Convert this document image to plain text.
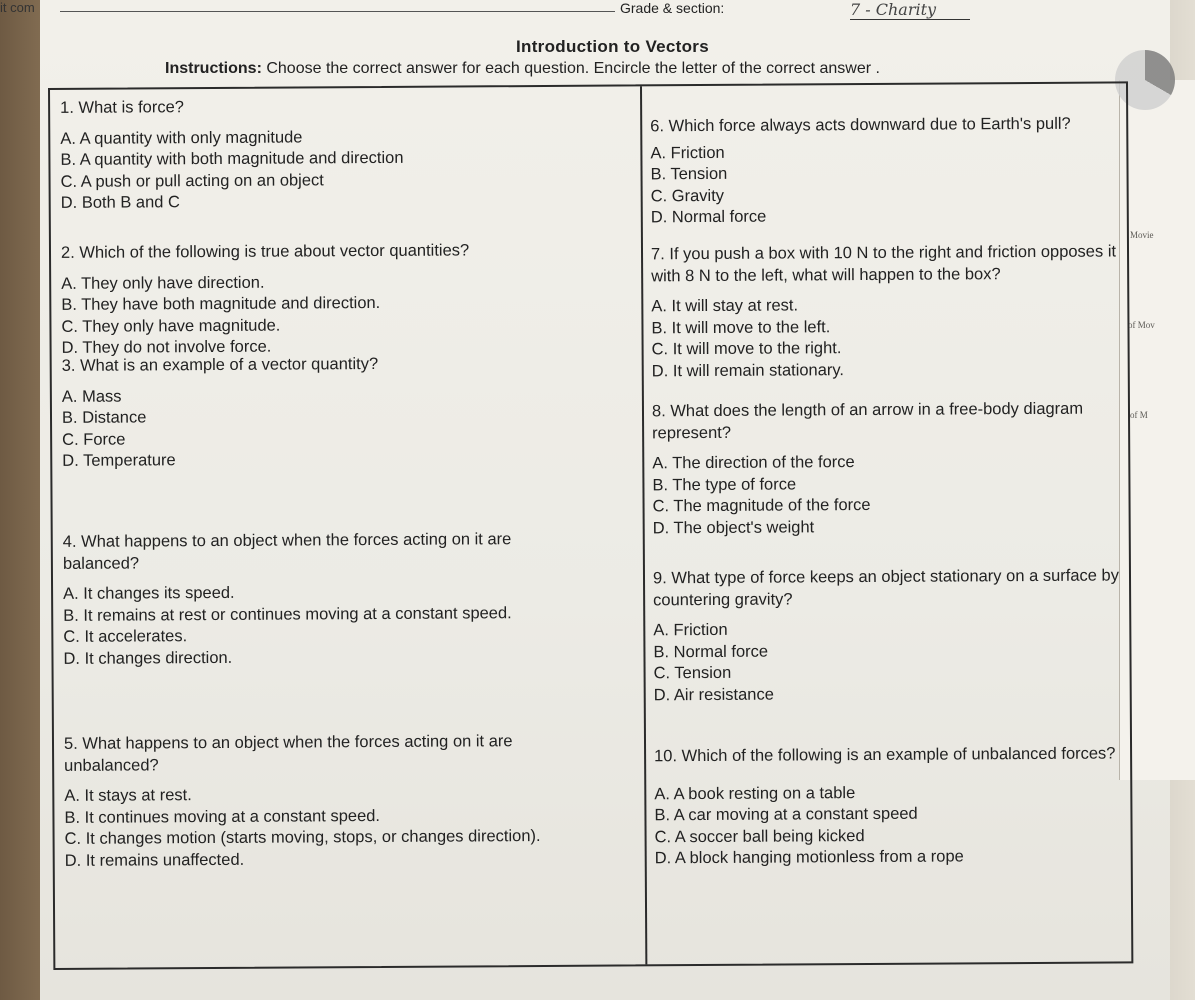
Movie
of Mov
of M
it com	Grade & section:	7 - Charity
Introduction to Vectors
Instructions: Choose the correct answer for each question. Encircle the letter of the correct answer .
1. What is force?
A. A quantity with only magnitude
B. A quantity with both magnitude and direction
C. A push or pull acting on an object
D. Both B and C
2. Which of the following is true about vector quantities?
A. They only have direction.
B. They have both magnitude and direction.
C. They only have magnitude.
D. They do not involve force.
3. What is an example of a vector quantity?
A. Mass
B. Distance
C. Force
D. Temperature
4. What happens to an object when the forces acting on it are balanced?
A. It changes its speed.
B. It remains at rest or continues moving at a constant speed.
C. It accelerates.
D. It changes direction.
5. What happens to an object when the forces acting on it are unbalanced?
A. It stays at rest.
B. It continues moving at a constant speed.
C. It changes motion (starts moving, stops, or changes direction).
D. It remains unaffected.
6. Which force always acts downward due to Earth's pull?
A. Friction
B. Tension
C. Gravity
D. Normal force
7. If you push a box with 10 N to the right and friction opposes it with 8 N to the left, what will happen to the box?
A. It will stay at rest.
B. It will move to the left.
C. It will move to the right.
D. It will remain stationary.
8. What does the length of an arrow in a free-body diagram represent?
A. The direction of the force
B. The type of force
C. The magnitude of the force
D. The object's weight
9. What type of force keeps an object stationary on a surface by countering gravity?
A. Friction
B. Normal force
C. Tension
D. Air resistance
10. Which of the following is an example of unbalanced forces?
A. A book resting on a table
B. A car moving at a constant speed
C. A soccer ball being kicked
D. A block hanging motionless from a rope
